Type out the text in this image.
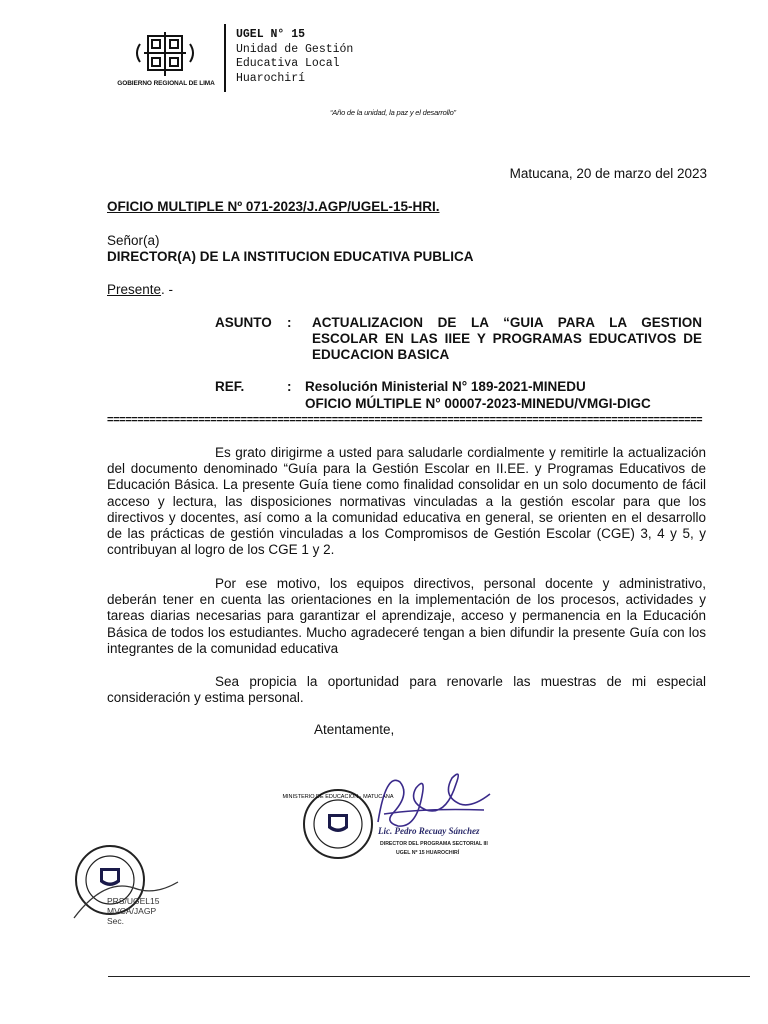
GOBIERNO REGIONAL DE LIMA
UGEL N° 15
Unidad de Gestión
Educativa Local
Huarochirí
“Año de la unidad, la paz y el desarrollo”
Matucana, 20 de marzo del 2023
OFICIO MULTIPLE Nº 071-2023/J.AGP/UGEL-15-HRI.
Señor(a)
DIRECTOR(A) DE LA INSTITUCION EDUCATIVA PUBLICA
Presente. -
ASUNTO : ACTUALIZACION DE LA “GUIA PARA LA GESTION ESCOLAR EN LAS IIEE Y PROGRAMAS EDUCATIVOS DE EDUCACION BASICA
REF.	: Resolución Ministerial N° 189-2021-MINEDU
OFICIO MÚLTIPLE N° 00007-2023-MINEDU/VMGI-DIGC
==================================================================================================

Es grato dirigirme a usted para saludarle cordialmente y remitirle la actualización del documento denominado “Guía para la Gestión Escolar en II.EE. y Programas Educativos de Educación Básica. La presente Guía tiene como finalidad consolidar en un solo documento de fácil acceso y lectura, las disposiciones normativas vinculadas a la gestión escolar para que los directivos y docentes, así como a la comunidad educativa en general, se orienten en el desarrollo de las prácticas de gestión vinculadas a los Compromisos de Gestión Escolar (CGE) 3, 4 y 5, y contribuyan al logro de los CGE 1 y 2.

Por ese motivo, los equipos directivos, personal docente y administrativo, deberán tener en cuenta las orientaciones en la implementación de los procesos, actividades y tareas diarias necesarias para garantizar el aprendizaje, acceso y permanencia en la Educación Básica de todos los estudiantes. Mucho agradeceré tengan a bien difundir la presente Guía con los integrantes de la comunidad educativa

Sea propicia la oportunidad para renovarle las muestras de mi especial consideración y estima personal.

Atentamente,
MINISTERIO DE EDUCACIÓN · MATUCANA
Lic. Pedro Recuay Sánchez
DIRECTOR DEL PROGRAMA SECTORIAL III
UGEL Nº 15 HUAROCHIRÍ
PRS/UGEL15
MVCA/JAGP
Sec.
